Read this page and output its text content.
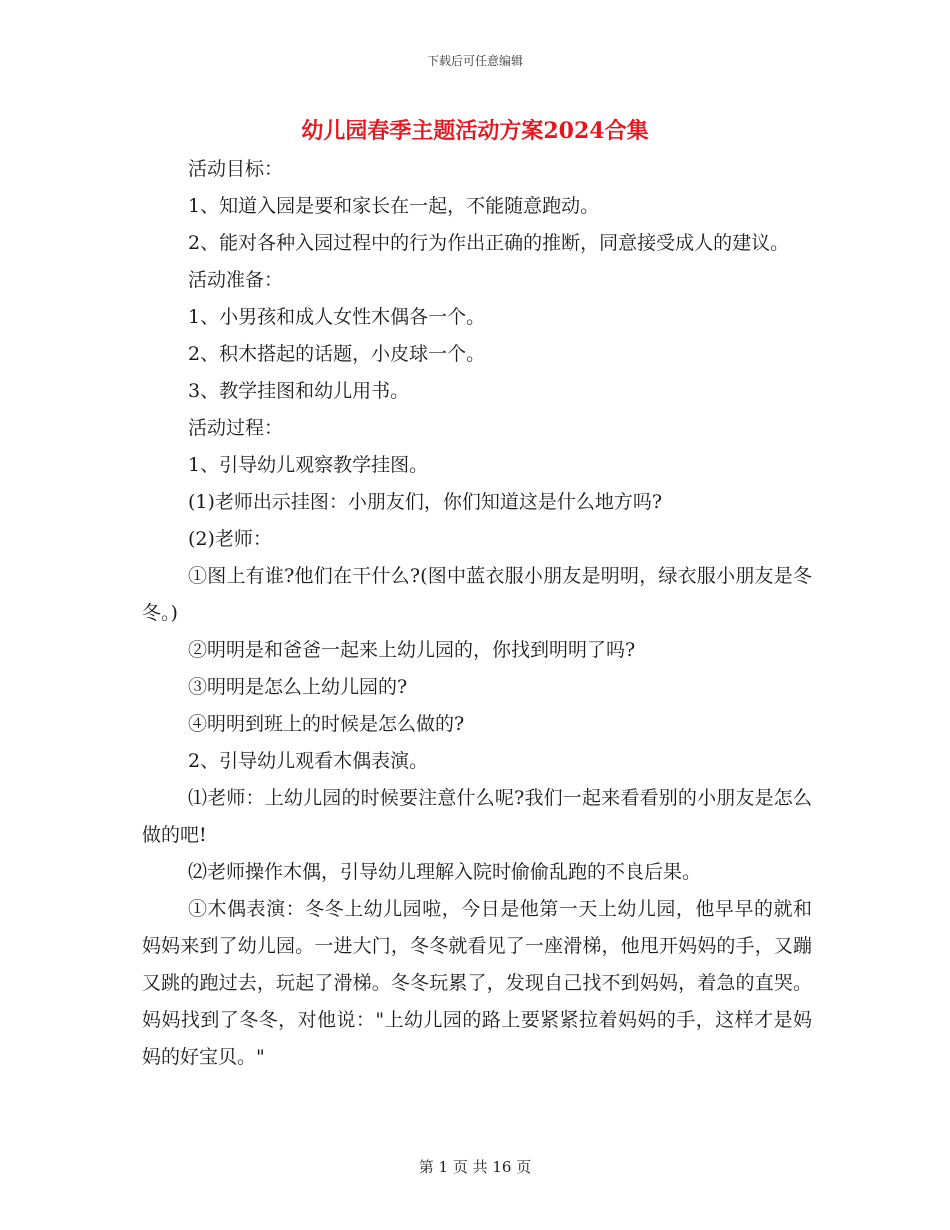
下载后可任意编辑
幼儿园春季主题活动方案2024合集

活动目标：

1、知道入园是要和家长在一起，不能随意跑动。

2、能对各种入园过程中的行为作出正确的推断，同意接受成人的建议。

活动准备：

1、小男孩和成人女性木偶各一个。

2、积木搭起的话题，小皮球一个。

3、教学挂图和幼儿用书。

活动过程：

1、引导幼儿观察教学挂图。

(1)老师出示挂图：小朋友们，你们知道这是什么地方吗?

(2)老师：

①图上有谁?他们在干什么?(图中蓝衣服小朋友是明明，绿衣服小朋友是冬冬。)

②明明是和爸爸一起来上幼儿园的，你找到明明了吗?

③明明是怎么上幼儿园的?

④明明到班上的时候是怎么做的?

2、引导幼儿观看木偶表演。

⑴老师：上幼儿园的时候要注意什么呢?我们一起来看看别的小朋友是怎么做的吧!

⑵老师操作木偶，引导幼儿理解入院时偷偷乱跑的不良后果。

①木偶表演：冬冬上幼儿园啦，今日是他第一天上幼儿园，他早早的就和妈妈来到了幼儿园。一进大门，冬冬就看见了一座滑梯，他甩开妈妈的手，又蹦又跳的跑过去，玩起了滑梯。冬冬玩累了，发现自己找不到妈妈，着急的直哭。妈妈找到了冬冬，对他说："上幼儿园的路上要紧紧拉着妈妈的手，这样才是妈妈的好宝贝。"

第 1 页 共 16 页
